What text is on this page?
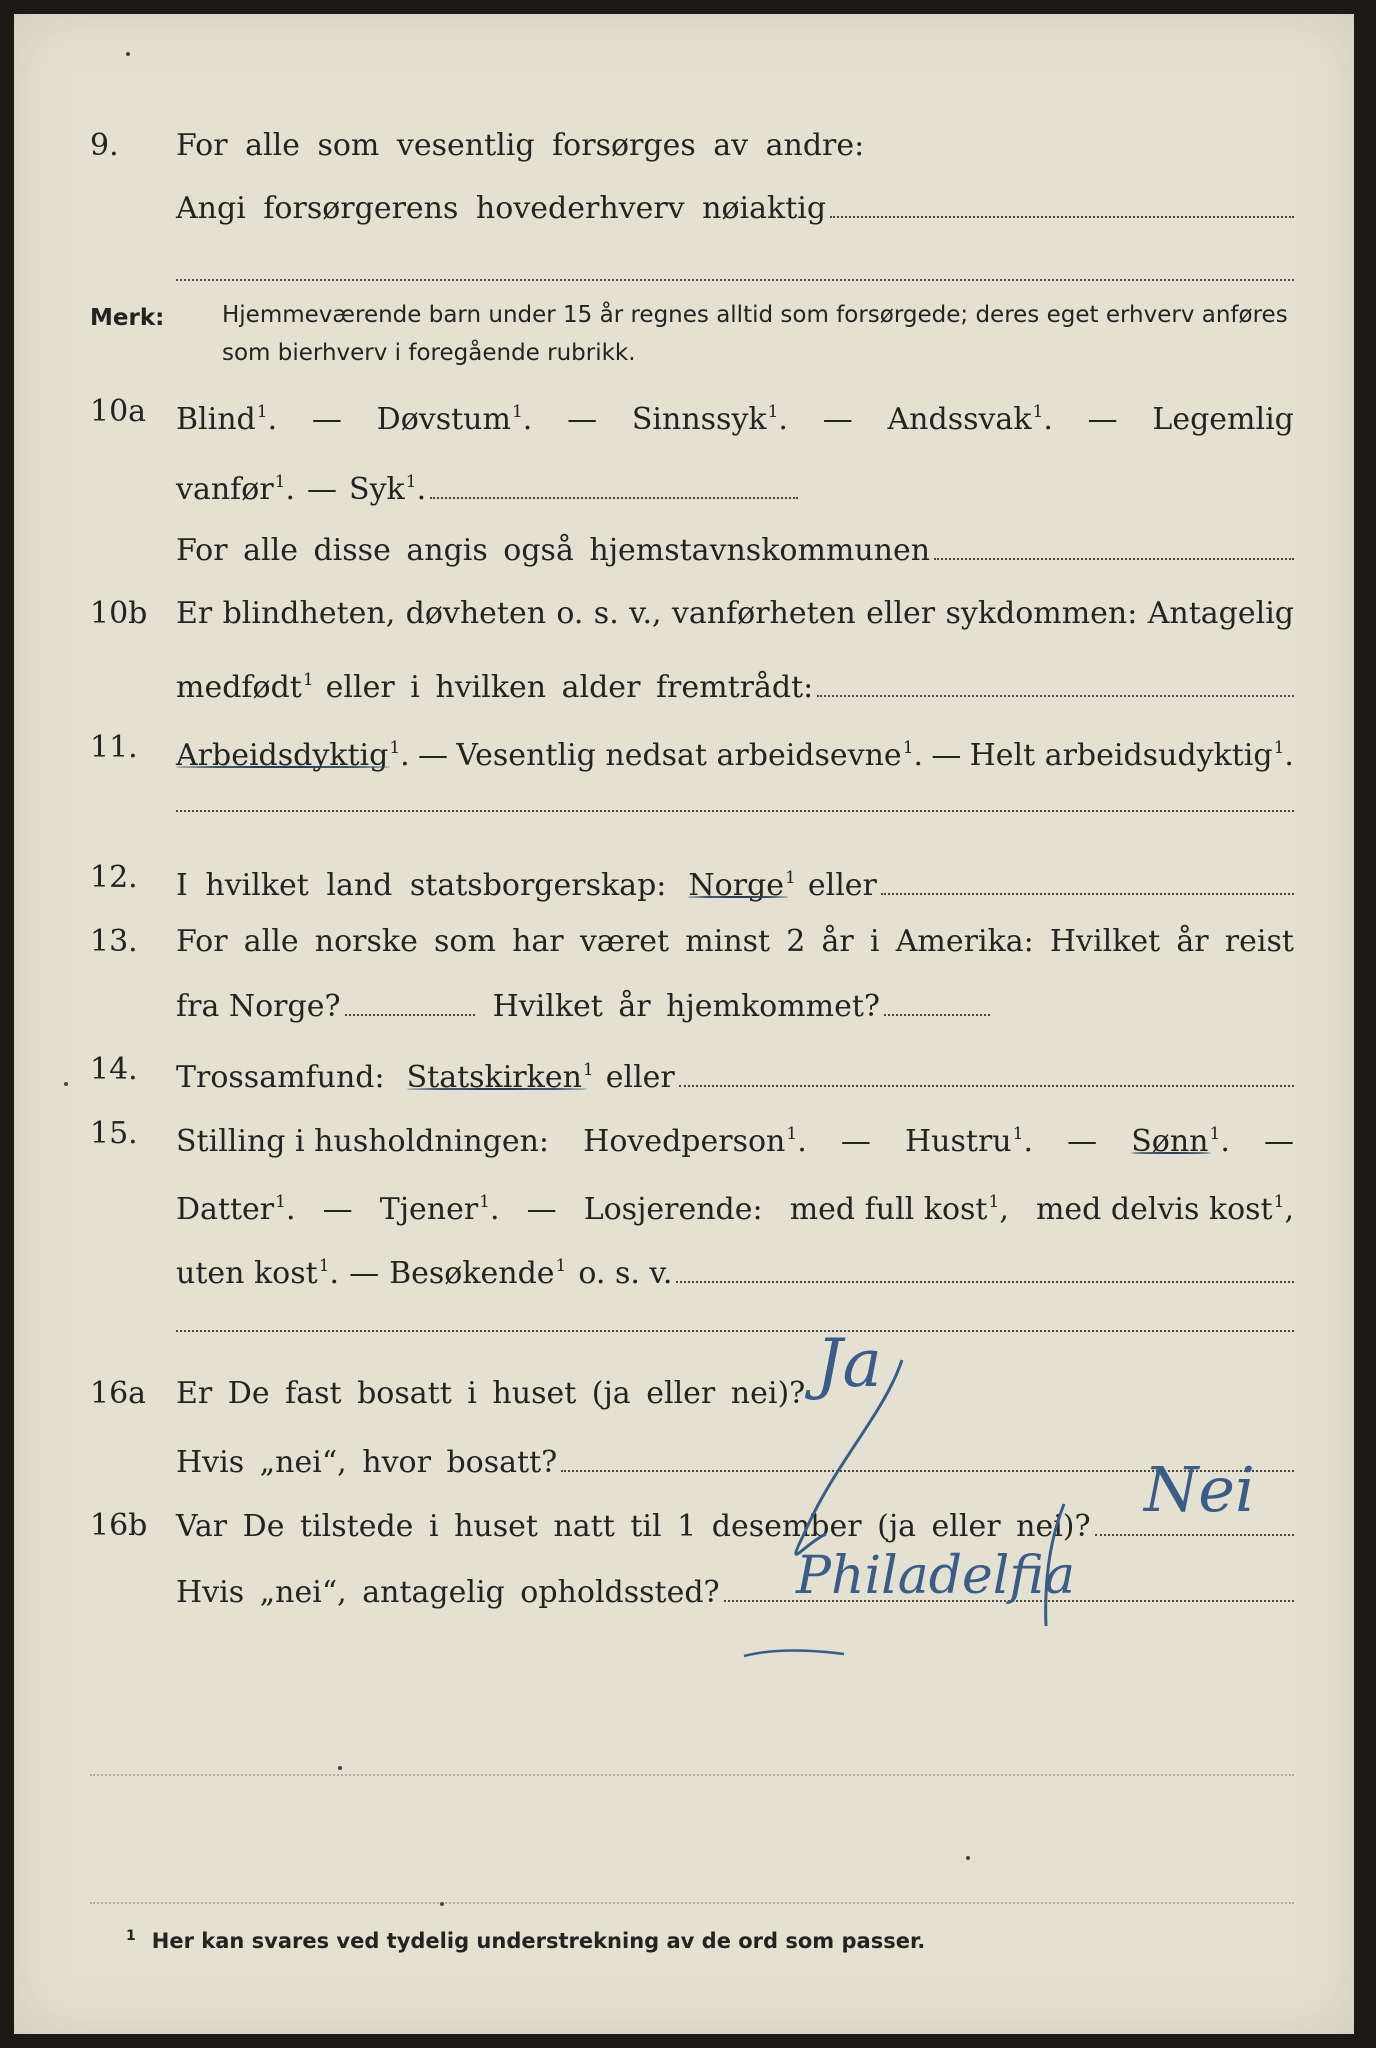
9. For alle som vesentlig forsørges av andre:
Angi forsørgerens hovederhverv nøiaktig
Merk:	Hjemmeværende barn under 15 år regnes alltid som forsørgede; deres eget erhverv anføres som bierhverv i foregående rubrikk.
10a Blind$^1$. — Døvstum$^1$. — Sinnssyk$^1$. — Andssvak$^1$. — Legemlig
vanfør$^1$. — Syk$^1$.
For alle disse angis også hjemstavnskommunen
10b Er blindheten, døvheten o. s. v., vanførheten eller sykdommen: Antagelig
medfødt$^1$ eller i hvilken alder fremtrådt:
11. Arbeidsdyktig$^1$. — Vesentlig nedsat arbeidsevne$^1$. — Helt arbeidsudyktig$^1$.
12. I hvilket land statsborgerskap: Norge$^1$ eller
13. For alle norske som har været minst 2 år i Amerika: Hvilket år reist
fra Norge?	Hvilket år hjemkommet?
14. Trossamfund: Statskirken$^1$ eller
15. Stilling i husholdningen: Hovedperson$^1$. — Hustru$^1$. — Sønn$^1$. —
Datter$^1$. — Tjener$^1$. — Losjerende: med full kost$^1$, med delvis kost$^1$,
uten kost$^1$. — Besøkende$^1$ o. s. v.
16a Er De fast bosatt i huset (ja eller nei)? Ja
Hvis „nei“, hvor bosatt?
16b Var De tilstede i huset natt til 1 desember (ja eller nei)?
Nei
Hvis „nei“, antagelig opholdssted? Philadelfia
$^1$ Her kan svares ved tydelig understrekning av de ord som passer.
